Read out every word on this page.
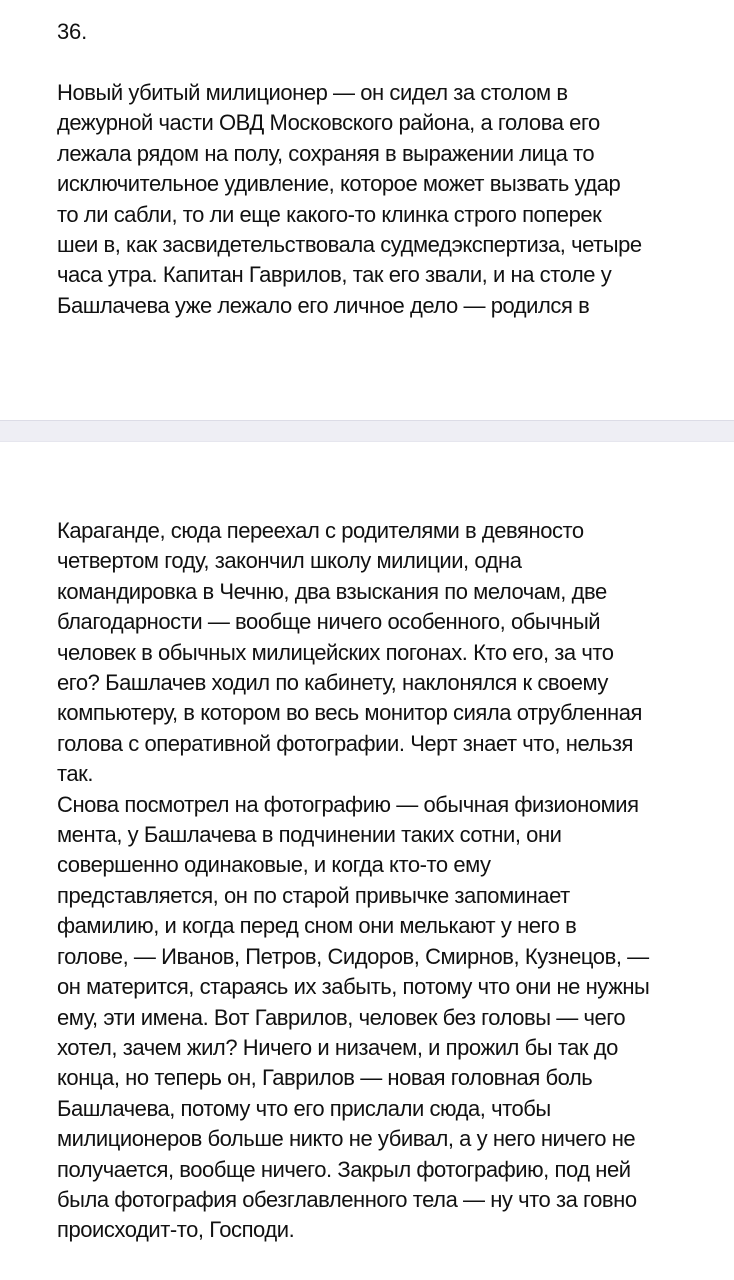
36.

Новый убитый милиционер — он сидел за столом в
дежурной части ОВД Московского района, а голова его
лежала рядом на полу, сохраняя в выражении лица то
исключительное удивление, которое может вызвать удар
то ли сабли, то ли еще какого-то клинка строго поперек
шеи в, как засвидетельствовала судмедэкспертиза, четыре
часа утра. Капитан Гаврилов, так его звали, и на столе у
Башлачева уже лежало его личное дело — родился в
Караганде, сюда переехал с родителями в девяносто
четвертом году, закончил школу милиции, одна
командировка в Чечню, два взыскания по мелочам, две
благодарности — вообще ничего особенного, обычный
человек в обычных милицейских погонах. Кто его, за что
его? Башлачев ходил по кабинету, наклонялся к своему
компьютеру, в котором во весь монитор сияла отрубленная
голова с оперативной фотографии. Черт знает что, нельзя
так.
Снова посмотрел на фотографию — обычная физиономия
мента, у Башлачева в подчинении таких сотни, они
совершенно одинаковые, и когда кто-то ему
представляется, он по старой привычке запоминает
фамилию, и когда перед сном они мелькают у него в
голове, — Иванов, Петров, Сидоров, Смирнов, Кузнецов, —
он матерится, стараясь их забыть, потому что они не нужны
ему, эти имена. Вот Гаврилов, человек без головы — чего
хотел, зачем жил? Ничего и низачем, и прожил бы так до
конца, но теперь он, Гаврилов — новая головная боль
Башлачева, потому что его прислали сюда, чтобы
милиционеров больше никто не убивал, а у него ничего не
получается, вообще ничего. Закрыл фотографию, под ней
была фотография обезглавленного тела — ну что за говно
происходит-то, Господи.
